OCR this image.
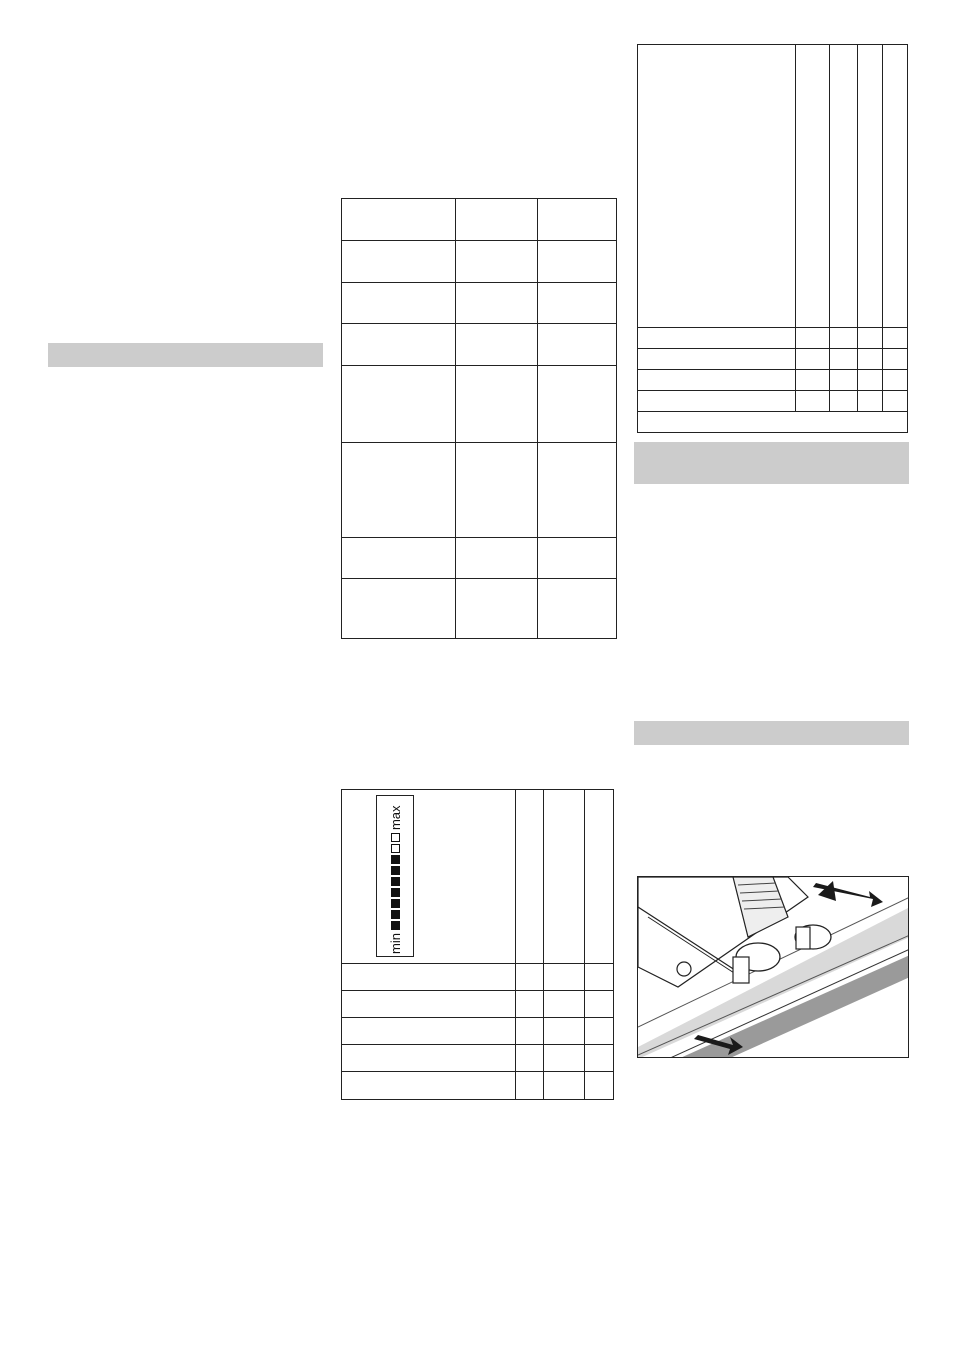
min
max
